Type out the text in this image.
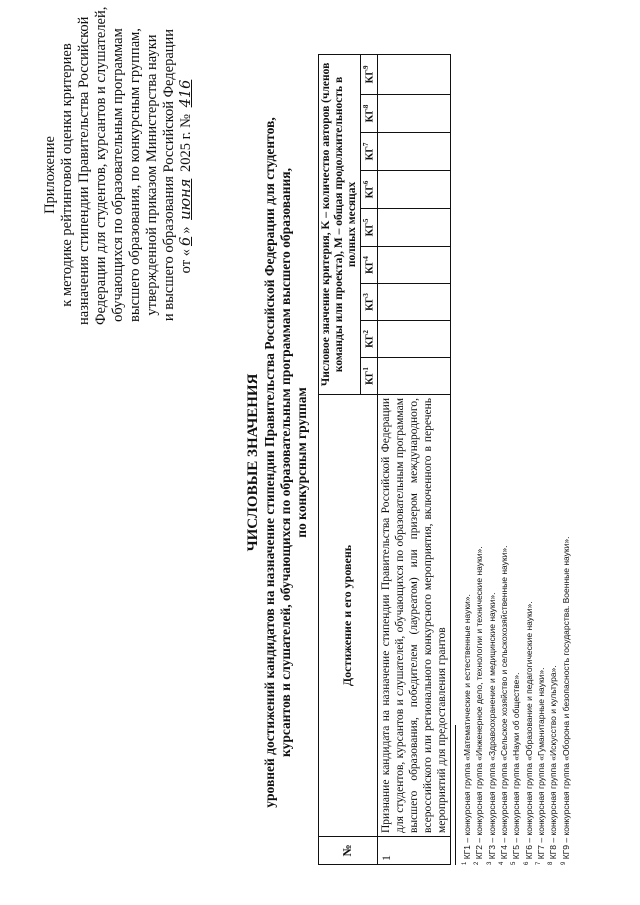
Приложение к методике рейтинговой оценки критериев назначения стипендии Правительства Российской Федерации для студентов, курсантов и слушателей, обучающихся по образовательным программам высшего образования, по конкурсным группам, утвержденной приказом Министерства науки и высшего образования Российской Федерации от «6» июня 2025 г. № 416
ЧИСЛОВЫЕ ЗНАЧЕНИЯ уровней достижений кандидатов на назначение стипендии Правительства Российской Федерации для студентов, курсантов и слушателей, обучающихся по образовательным программам высшего образования, по конкурсным группам
№	Достижение и его уровень	Числовое значение критерия, K – количество авторов (членов команды или проекта), M – общая продолжительность в полных месяцах								
		$КГ^1$	$КГ^2$	$КГ^3$	$КГ^4$	$КГ^5$	$КГ^6$	$КГ^7$	$КГ^8$	$КГ^9$
1	Признание кандидата на назначение стипендии Правительства Российской Федерации для студентов, курсантов и слушателей, обучающихся по образовательным программам высшего образования, победителем (лауреатом) или призером международного, всероссийского или регионального конкурсного мероприятия, включенного в перечень мероприятий для предоставления грантов									
$^1$ КГ1 – конкурсная группа «Математические и естественные науки».
$^2$ КГ2 – конкурсная группа «Инженерное дело, технологии и технические науки».
$^3$ КГ3 – конкурсная группа «Здравоохранение и медицинские науки».
$^4$ КГ4 – конкурсная группа «Сельское хозяйство и сельскохозяйственные науки».
$^5$ КГ5 – конкурсная группа «Науки об обществе».
$^6$ КГ6 – конкурсная группа «Образование и педагогические науки».
$^7$ КГ7 – конкурсная группа «Гуманитарные науки».
$^8$ КГ8 – конкурсная группа «Искусство и культура».
$^9$ КГ9 – конкурсная группа «Оборона и безопасность государства. Военные науки».
